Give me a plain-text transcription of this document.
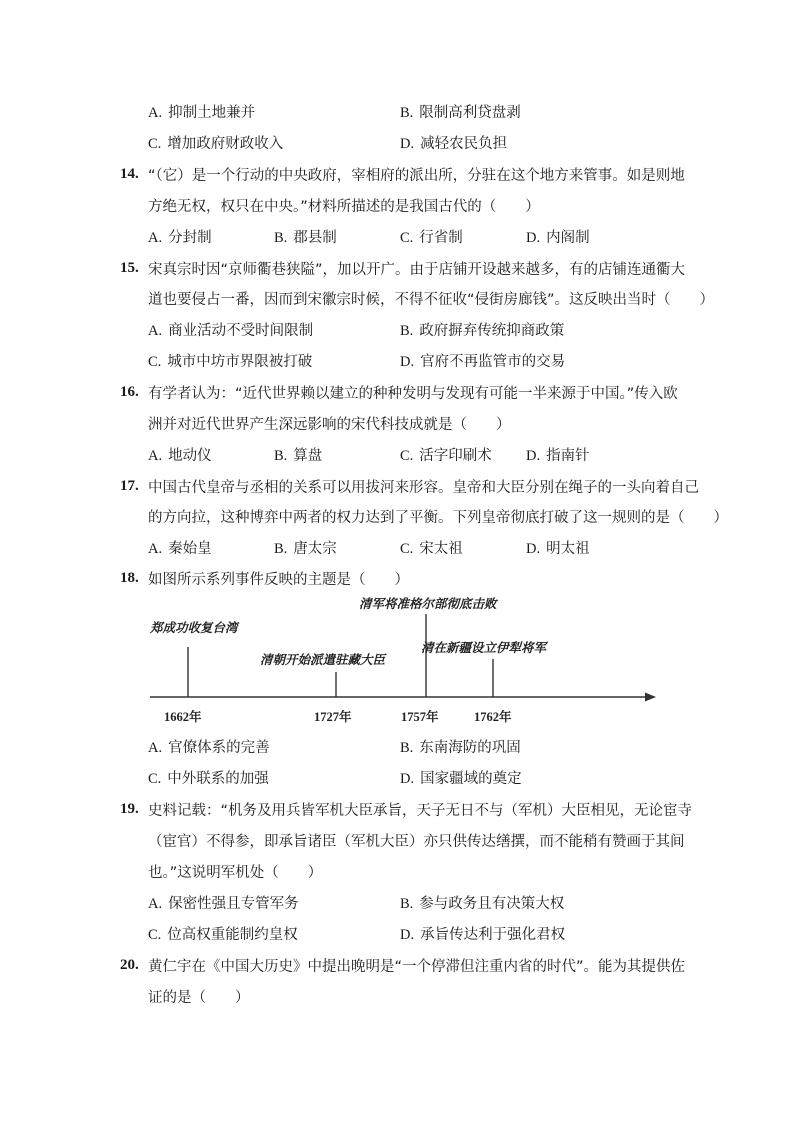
A. 抑制土地兼并	B. 限制高利贷盘剥
C. 增加政府财政收入	D. 减轻农民负担
14. “（它）是一个行动的中央政府，宰相府的派出所，分驻在这个地方来管事。如是则地
方绝无权，权只在中央。”材料所描述的是我国古代的（　　）
A. 分封制	B. 郡县制	C. 行省制	D. 内阁制
15. 宋真宗时因“京师衢巷狭隘”，加以开广。由于店铺开设越来越多，有的店铺连通衢大
道也要侵占一番，因而到宋徽宗时候，不得不征收“侵街房廊钱”。这反映出当时（　　）
A. 商业活动不受时间限制	B. 政府摒弃传统抑商政策
C. 城市中坊市界限被打破	D. 官府不再监管市的交易
16. 有学者认为：“近代世界赖以建立的种种发明与发现有可能一半来源于中国。”传入欧
洲并对近代世界产生深远影响的宋代科技成就是（　　）
A. 地动仪	B. 算盘	C. 活字印刷术 D. 指南针
17. 中国古代皇帝与丞相的关系可以用拔河来形容。皇帝和大臣分别在绳子的一头向着自己
的方向拉，这种博弈中两者的权力达到了平衡。下列皇帝彻底打破了这一规则的是（　　）
A. 秦始皇	B. 唐太宗	C. 宋太祖	D. 明太祖
18. 如图所示系列事件反映的主题是（　　）
郑成功收复台湾
1662年
清朝开始派遣驻藏大臣
1727年
清军将准格尔部彻底击败
1757年
清在新疆设立伊犁将军
1762年
A. 官僚体系的完善	B. 东南海防的巩固
C. 中外联系的加强	D. 国家疆域的奠定
19. 史料记载：“机务及用兵皆军机大臣承旨，天子无日不与（军机）大臣相见，无论宦寺
（宦官）不得参，即承旨诸臣（军机大臣）亦只供传达缮撰，而不能稍有赞画于其间
也。”这说明军机处（　　）
A. 保密性强且专管军务	B. 参与政务且有决策大权
C. 位高权重能制约皇权	D. 承旨传达利于强化君权
20. 黄仁宇在《中国大历史》中提出晚明是“一个停滞但注重内省的时代”。能为其提供佐
证的是（　　）
